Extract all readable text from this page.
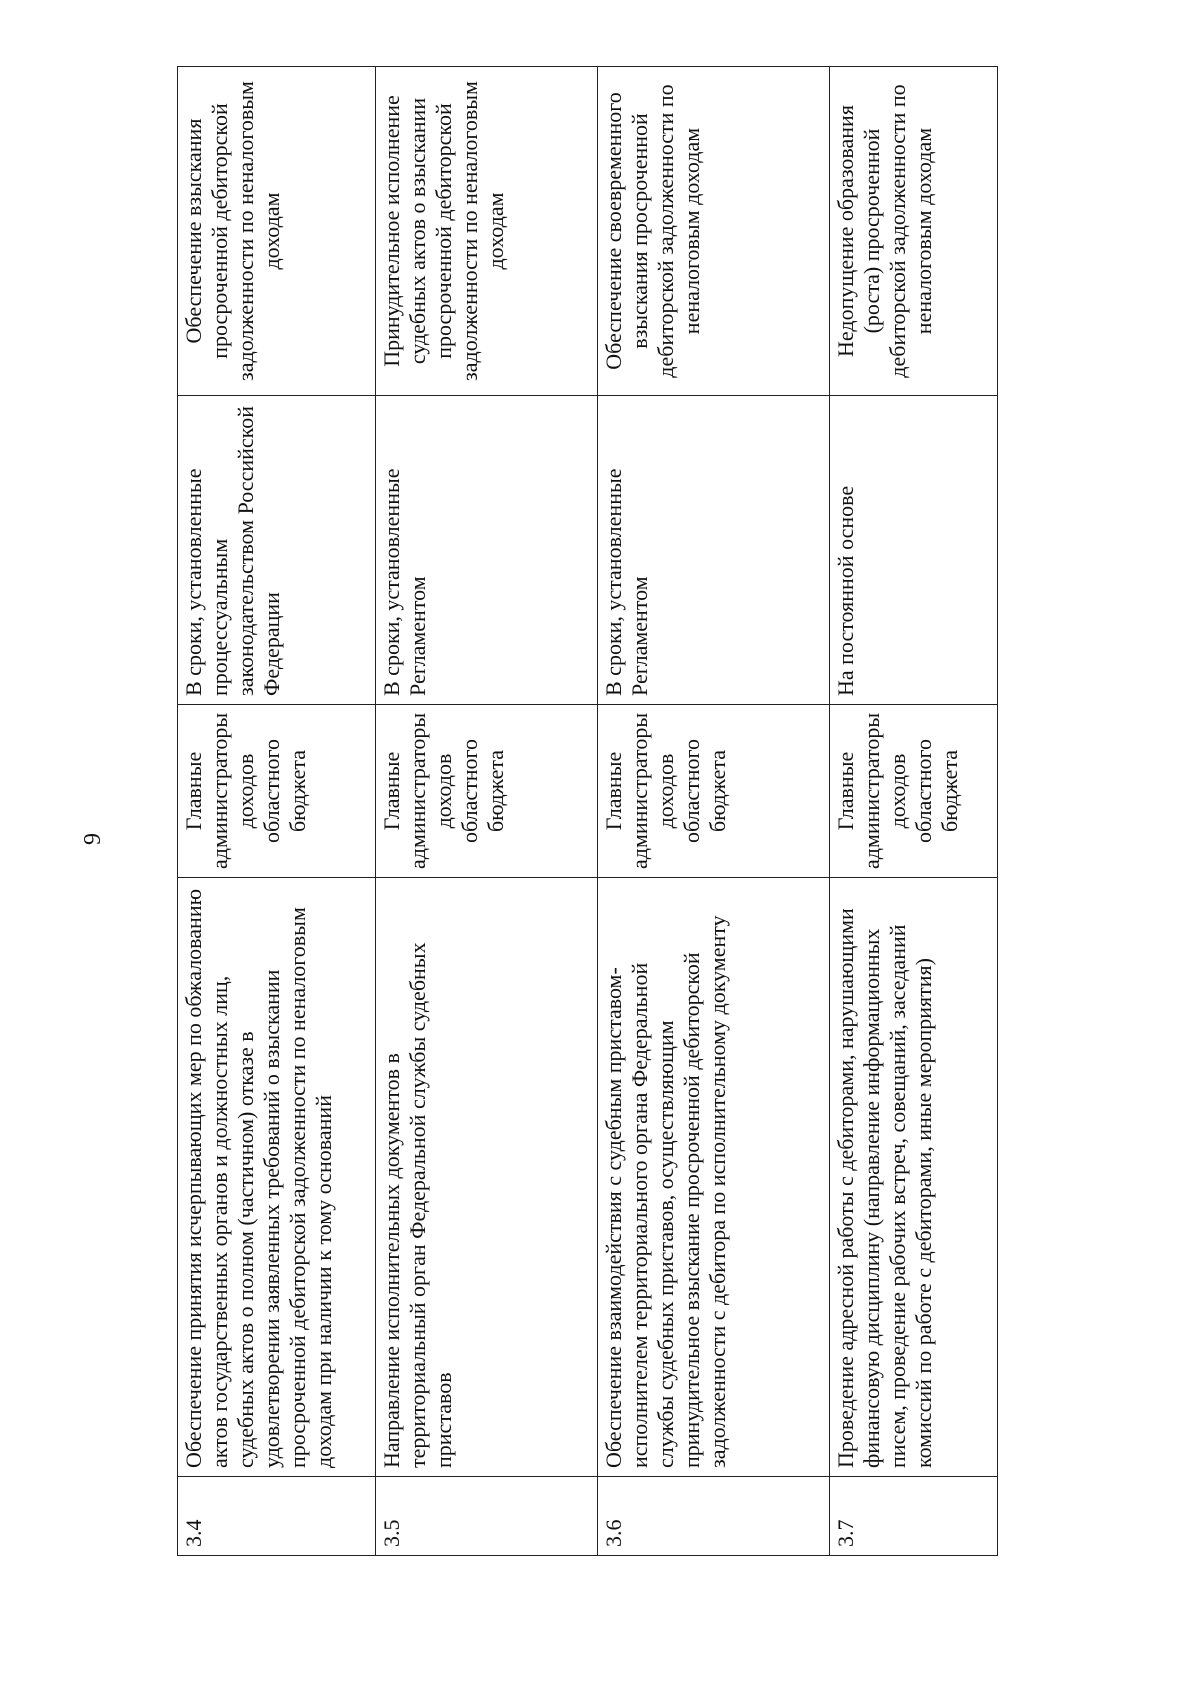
9
3.4	Обеспечение принятия исчерпывающих мер по обжалованию актов государственных органов и должностных лиц, судебных актов о полном (частичном) отказе в удовлетворении заявленных требований о взыскании просроченной дебиторской задолженности по неналоговым доходам при наличии к тому оснований	Главные администраторы доходов областного бюджета	В сроки, установленные процессуальным законодательством Российской Федерации	Обеспечение взыскания просроченной дебиторской задолженности по неналоговым доходам
3.5	Направление исполнительных документов в территориальный орган Федеральной службы судебных приставов	Главные администраторы доходов областного бюджета	В сроки, установленные Регламентом	Принудительное исполнение судебных актов о взыскании просроченной дебиторской задолженности по неналоговым доходам
3.6	Обеспечение взаимодействия с судебным приставом-исполнителем территориального органа Федеральной службы судебных приставов, осуществляющим принудительное взыскание просроченной дебиторской задолженности с дебитора по исполнительному документу	Главные администраторы доходов областного бюджета	В сроки, установленные Регламентом	Обеспечение своевременного взыскания просроченной дебиторской задолженности по неналоговым доходам
3.7	Проведение адресной работы с дебиторами, нарушающими финансовую дисциплину (направление информационных писем, проведение рабочих встреч, совещаний, заседаний комиссий по работе с дебиторами, иные мероприятия)	Главные администраторы доходов областного бюджета	На постоянной основе	Недопущение образования (роста) просроченной дебиторской задолженности по неналоговым доходам
